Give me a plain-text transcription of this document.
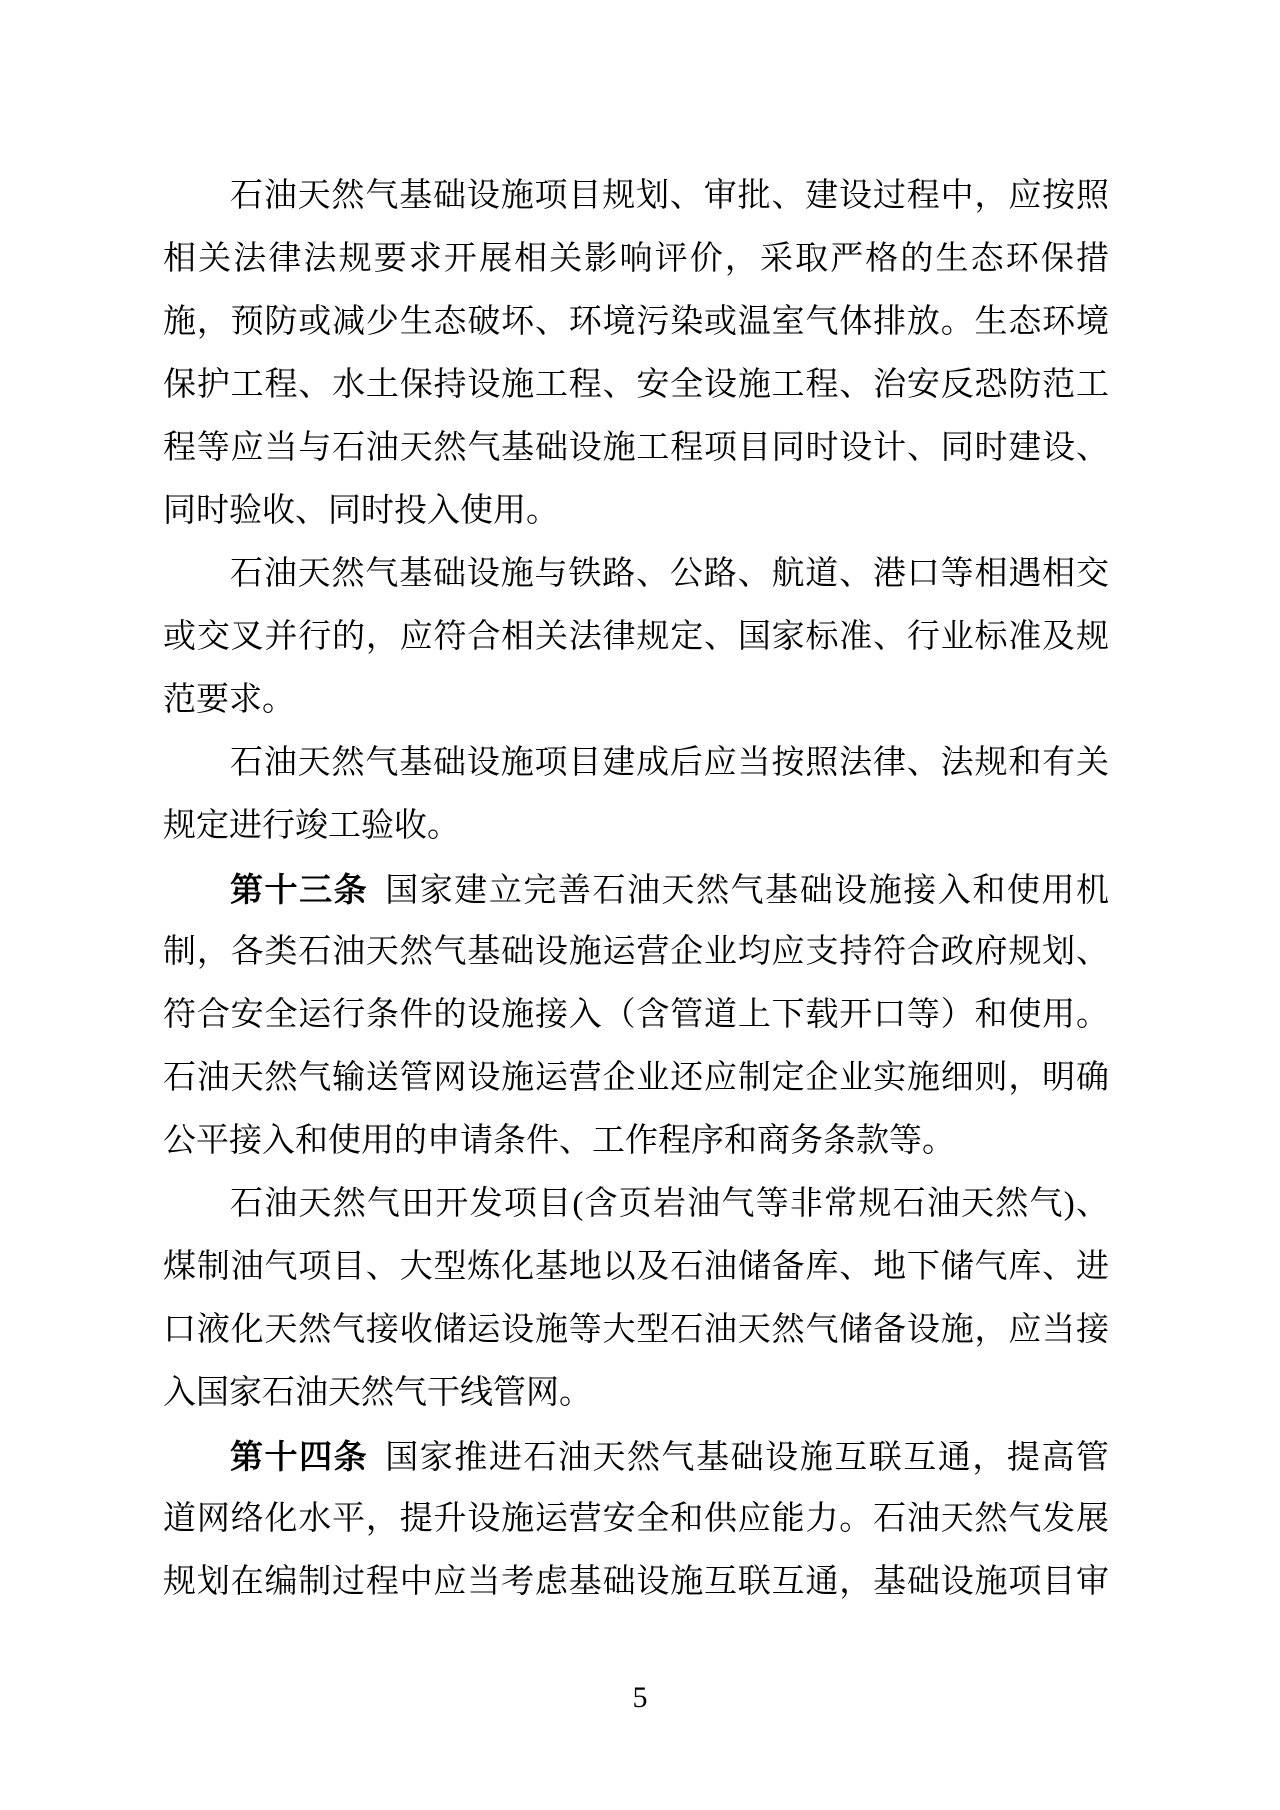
石油天然气基础设施项目规划、审批、建设过程中，应按照
相关法律法规要求开展相关影响评价，采取严格的生态环保措
施，预防或减少生态破坏、环境污染或温室气体排放。生态环境
保护工程、水土保持设施工程、安全设施工程、治安反恐防范工
程等应当与石油天然气基础设施工程项目同时设计、同时建设、
同时验收、同时投入使用。
石油天然气基础设施与铁路、公路、航道、港口等相遇相交
或交叉并行的，应符合相关法律规定、国家标准、行业标准及规
范要求。
石油天然气基础设施项目建成后应当按照法律、法规和有关
规定进行竣工验收。
第十三条 国家建立完善石油天然气基础设施接入和使用机
制，各类石油天然气基础设施运营企业均应支持符合政府规划、
符合安全运行条件的设施接入（含管道上下载开口等）和使用。
石油天然气输送管网设施运营企业还应制定企业实施细则，明确
公平接入和使用的申请条件、工作程序和商务条款等。
石油天然气田开发项目(含页岩油气等非常规石油天然气)、
煤制油气项目、大型炼化基地以及石油储备库、地下储气库、进
口液化天然气接收储运设施等大型石油天然气储备设施，应当接
入国家石油天然气干线管网。
第十四条 国家推进石油天然气基础设施互联互通，提高管
道网络化水平，提升设施运营安全和供应能力。石油天然气发展
规划在编制过程中应当考虑基础设施互联互通，基础设施项目审
5
